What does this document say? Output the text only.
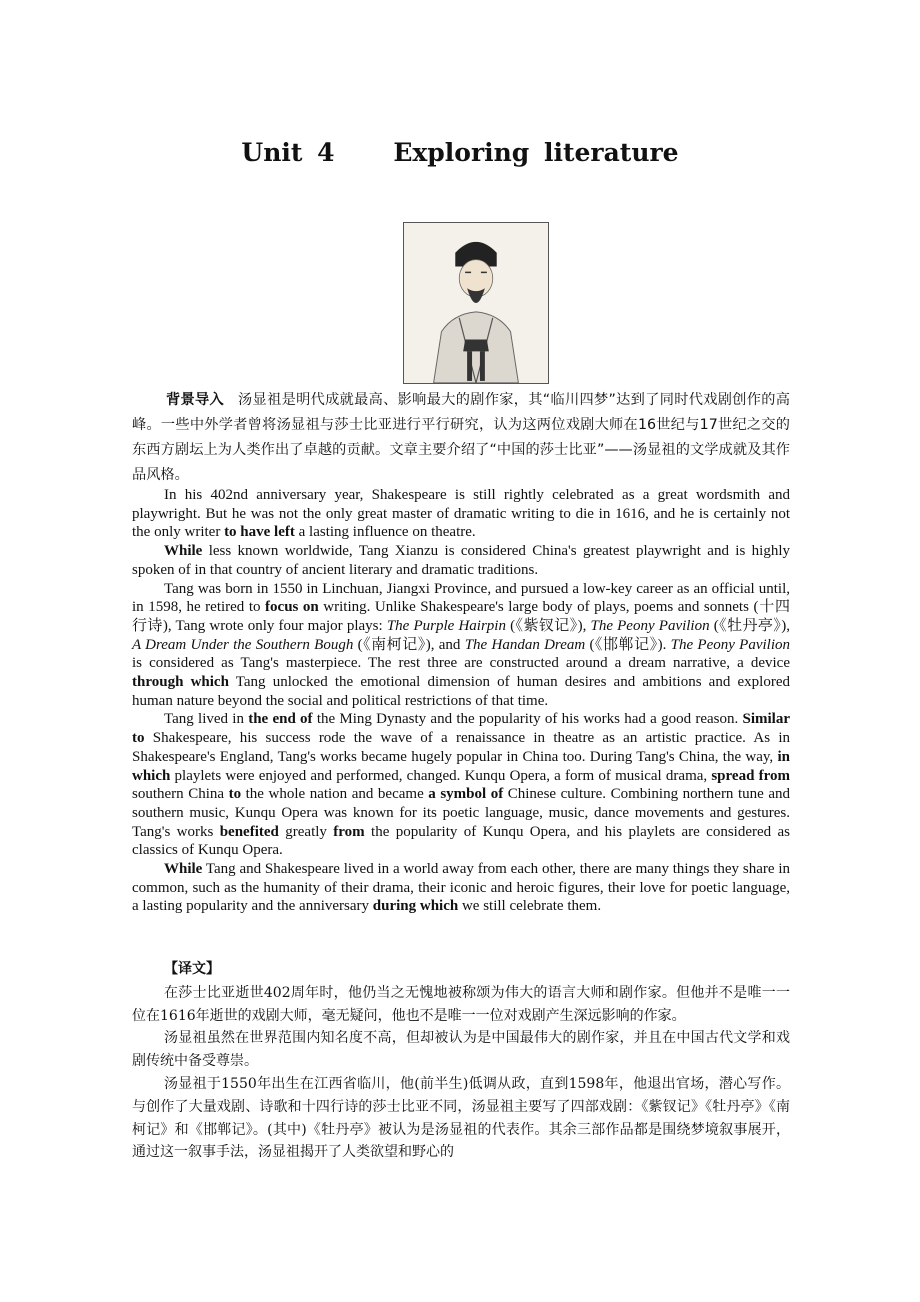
Unit 4    Exploring literature

背景导入 汤显祖是明代成就最高、影响最大的剧作家，其“临川四梦”达到了同时代戏剧创作的高峰。一些中外学者曾将汤显祖与莎士比亚进行平行研究，认为这两位戏剧大师在16世纪与17世纪之交的东西方剧坛上为人类作出了卓越的贡献。文章主要介绍了“中国的莎士比亚”——汤显祖的文学成就及其作品风格。

In his 402nd anniversary year, Shakespeare is still rightly celebrated as a great wordsmith and playwright. But he was not the only great master of dramatic writing to die in 1616, and he is certainly not the only writer to have left a lasting influence on theatre.

While less known worldwide, Tang Xianzu is considered China's greatest playwright and is highly spoken of in that country of ancient literary and dramatic traditions.

Tang was born in 1550 in Linchuan, Jiangxi Province, and pursued a low-key career as an official until, in 1598, he retired to focus on writing. Unlike Shakespeare's large body of plays, poems and sonnets (十四行诗), Tang wrote only four major plays: The Purple Hairpin (《紫钗记》), The Peony Pavilion (《牡丹亭》), A Dream Under the Southern Bough (《南柯记》), and The Handan Dream (《邯郸记》). The Peony Pavilion is considered as Tang's masterpiece. The rest three are constructed around a dream narrative, a device through which Tang unlocked the emotional dimension of human desires and ambitions and explored human nature beyond the social and political restrictions of that time.

Tang lived in the end of the Ming Dynasty and the popularity of his works had a good reason. Similar to Shakespeare, his success rode the wave of a renaissance in theatre as an artistic practice. As in Shakespeare's England, Tang's works became hugely popular in China too. During Tang's China, the way, in which playlets were enjoyed and performed, changed. Kunqu Opera, a form of musical drama, spread from southern China to the whole nation and became a symbol of Chinese culture. Combining northern tune and southern music, Kunqu Opera was known for its poetic language, music, dance movements and gestures. Tang's works benefited greatly from the popularity of Kunqu Opera, and his playlets are considered as classics of Kunqu Opera.

While Tang and Shakespeare lived in a world away from each other, there are many things they share in common, such as the humanity of their drama, their iconic and heroic figures, their love for poetic language, a lasting popularity and the anniversary during which we still celebrate them.

【译文】

在莎士比亚逝世402周年时，他仍当之无愧地被称颂为伟大的语言大师和剧作家。但他并不是唯一一位在1616年逝世的戏剧大师，毫无疑问，他也不是唯一一位对戏剧产生深远影响的作家。

汤显祖虽然在世界范围内知名度不高，但却被认为是中国最伟大的剧作家，并且在中国古代文学和戏剧传统中备受尊崇。

汤显祖于1550年出生在江西省临川，他(前半生)低调从政，直到1598年，他退出官场，潜心写作。与创作了大量戏剧、诗歌和十四行诗的莎士比亚不同，汤显祖主要写了四部戏剧：《紫钗记》《牡丹亭》《南柯记》和《邯郸记》。(其中)《牡丹亭》被认为是汤显祖的代表作。其余三部作品都是围绕梦境叙事展开，通过这一叙事手法，汤显祖揭开了人类欲望和野心的
